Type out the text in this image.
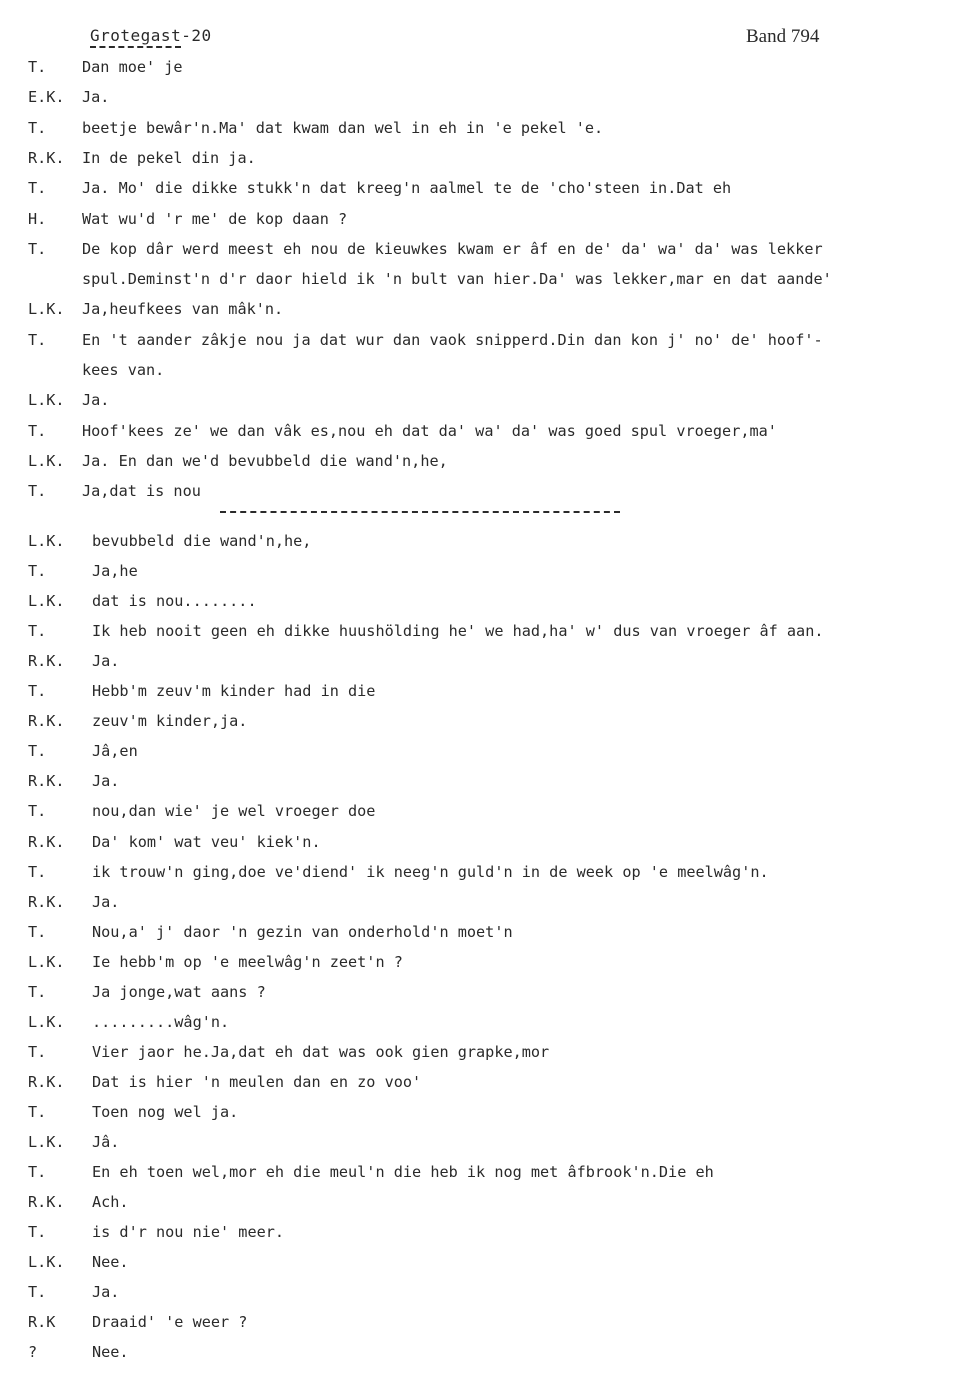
Grotegast-20	Band 794
T. Dan moe' je
E.K. Ja.
T. beetje bewâr'n.Ma' dat kwam dan wel in eh in 'e pekel 'e.
R.K. In de pekel din ja.
T. Ja. Mo' die dikke stukk'n dat kreeg'n aalmel te de 'cho'steen in.Dat eh
H. Wat wu'd 'r me' de kop daan ?
T. De kop dâr werd meest eh nou de kieuwkes kwam er âf en de' da' wa' da' was lekker
spul.Deminst'n d'r daor hield ik 'n bult van hier.Da' was lekker,mar en dat aande'
L.K. Ja,heufkees van mâk'n.
T. En 't aander zâkje nou ja dat wur dan vaok snipperd.Din dan kon j' no' de' hoof'-
kees van.
L.K. Ja.
T. Hoof'kees ze' we dan vâk es,nou eh dat da' wa' da' was goed spul vroeger,ma'
L.K. Ja. En dan we'd bevubbeld die wand'n,he,
T. Ja,dat is nou
L.K. bevubbeld die wand'n,he,
T.	Ja,he
L.K. dat is nou........
T.	Ik heb nooit geen eh dikke huushölding he' we had,ha' w' dus van vroeger âf aan.
R.K. Ja.
T.	Hebb'm zeuv'm kinder had in die
R.K. zeuv'm kinder,ja.
T.	Jâ,en
R.K. Ja.
T.	nou,dan wie' je wel vroeger doe
R.K. Da' kom' wat veu' kiek'n.
T.	ik trouw'n ging,doe ve'diend' ik neeg'n guld'n in de week op 'e meelwâg'n.
R.K. Ja.
T.	Nou,a' j' daor 'n gezin van onderhold'n moet'n
L.K. Ie hebb'm op 'e meelwâg'n zeet'n ?
T.	Ja jonge,wat aans ?
L.K. .........wâg'n.
T.	Vier jaor he.Ja,dat eh dat was ook gien grapke,mor
R.K. Dat is hier 'n meulen dan en zo voo'
T.	Toen nog wel ja.
L.K. Jâ.
T.	En eh toen wel,mor eh die meul'n die heb ik nog met âfbrook'n.Die eh
R.K. Ach.
T.	is d'r nou nie' meer.
L.K. Nee.
T.	Ja.
R.K Draaid' 'e weer ?
?	Nee.
